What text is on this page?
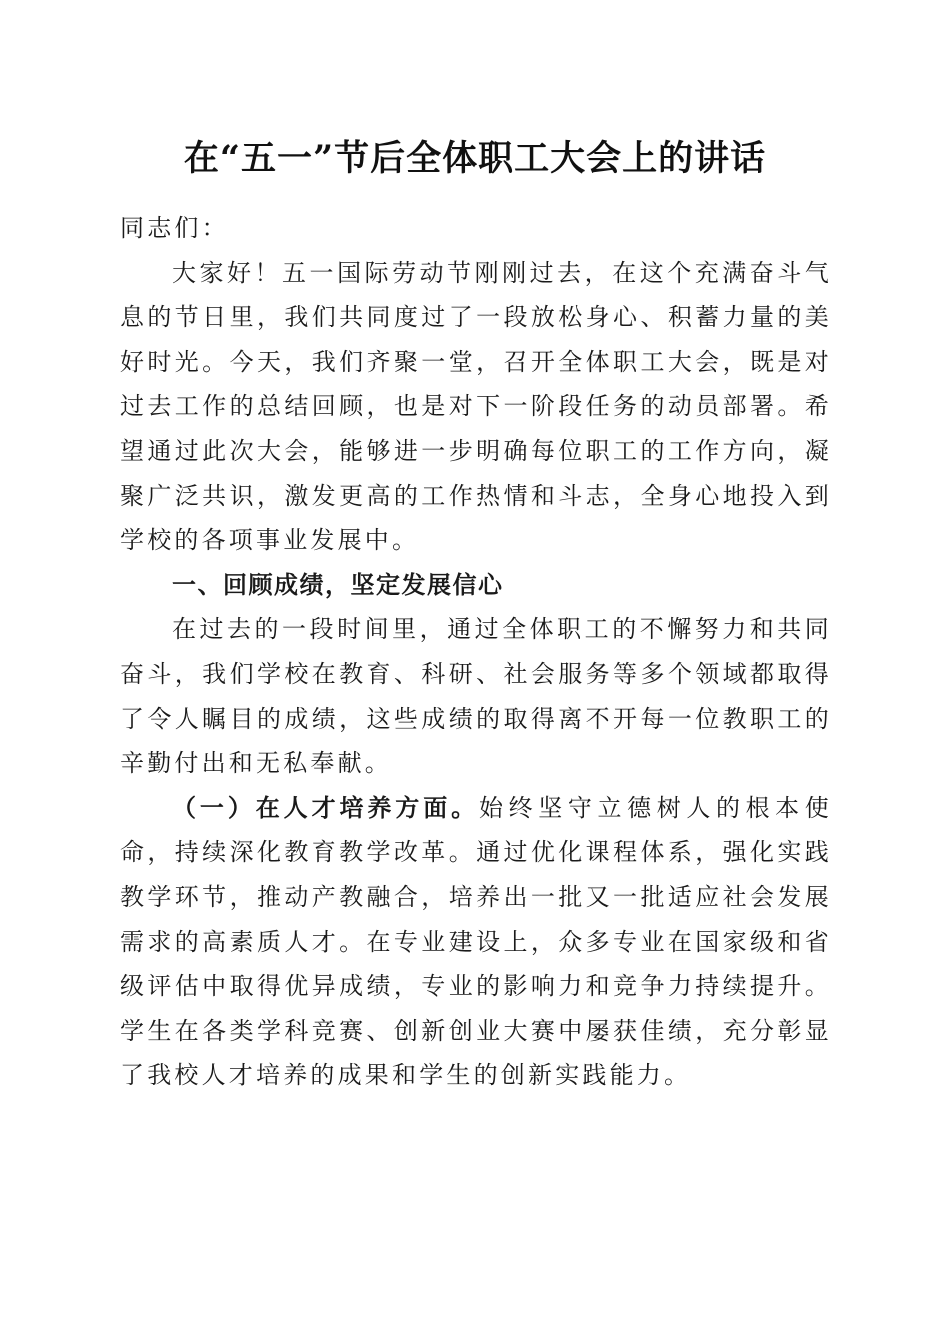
在“五一”节后全体职工大会上的讲话

同志们：

大家好！五一国际劳动节刚刚过去，在这个充满奋斗气息的节日里，我们共同度过了一段放松身心、积蓄力量的美好时光。今天，我们齐聚一堂，召开全体职工大会，既是对过去工作的总结回顾，也是对下一阶段任务的动员部署。希望通过此次大会，能够进一步明确每位职工的工作方向，凝聚广泛共识，激发更高的工作热情和斗志，全身心地投入到学校的各项事业发展中。

一、回顾成绩，坚定发展信心

在过去的一段时间里，通过全体职工的不懈努力和共同奋斗，我们学校在教育、科研、社会服务等多个领域都取得了令人瞩目的成绩，这些成绩的取得离不开每一位教职工的辛勤付出和无私奉献。

（一）在人才培养方面。始终坚守立德树人的根本使命，持续深化教育教学改革。通过优化课程体系，强化实践教学环节，推动产教融合，培养出一批又一批适应社会发展需求的高素质人才。在专业建设上，众多专业在国家级和省级评估中取得优异成绩，专业的影响力和竞争力持续提升。学生在各类学科竞赛、创新创业大赛中屡获佳绩，充分彰显了我校人才培养的成果和学生的创新实践能力。
